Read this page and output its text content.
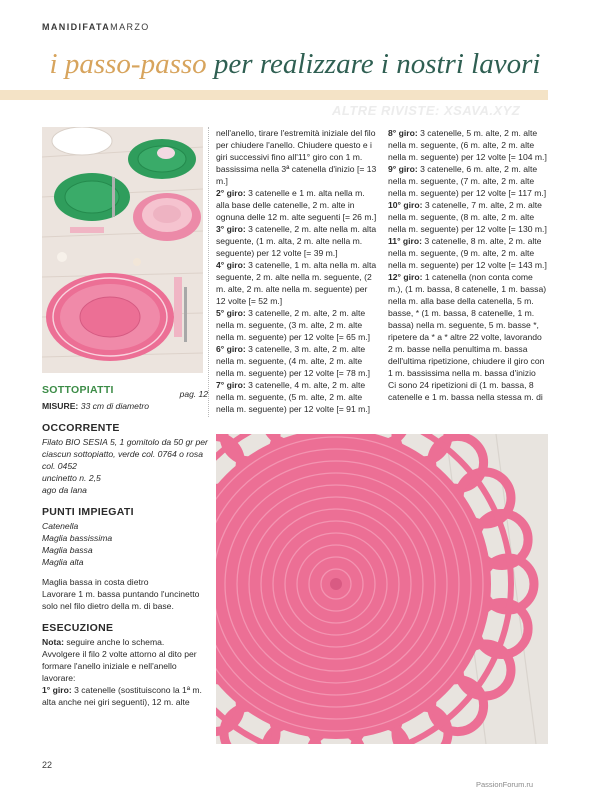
MANIDIFATAMARZO
i passo-passo per realizzare i nostri lavori
ALTRE RIVISTE: XSAVA.XYZ
SOTTOPIATTI	pag. 12
MISURE: 33 cm di diametro
OCCORRENTE
Filato BIO SESIA 5, 1 gomitolo da 50 gr per ciascun sottopiatto, verde col. 0764 o rosa col. 0452
uncinetto n. 2,5
ago da lana
PUNTI IMPIEGATI
Catenella
Maglia bassissima
Maglia bassa
Maglia alta
Maglia bassa in costa dietro
Lavorare 1 m. bassa puntando l'uncinetto solo nel filo dietro della m. di base.
ESECUZIONE
Nota: seguire anche lo schema.
Avvolgere il filo 2 volte attorno al dito per formare l'anello iniziale e nell'anello lavorare:
1° giro: 3 catenelle (sostituiscono la 1ª m. alta anche nei giri seguenti), 12 m. alte
nell'anello, tirare l'estremità iniziale del filo per chiudere l'anello. Chiudere questo e i giri successivi fino all'11° giro con 1 m. bassissima nella 3ª catenella d'inizio [= 13 m.]
2° giro: 3 catenelle e 1 m. alta nella m. alla base delle catenelle, 2 m. alte in ognuna delle 12 m. alte seguenti [= 26 m.]
3° giro: 3 catenelle, 2 m. alte nella m. alta seguente, (1 m. alta, 2 m. alte nella m. seguente) per 12 volte [= 39 m.]
4° giro: 3 catenelle, 1 m. alta nella m. alta seguente, 2 m. alte nella m. seguente, (2 m. alte, 2 m. alte nella m. seguente) per 12 volte [= 52 m.]
5° giro: 3 catenelle, 2 m. alte, 2 m. alte nella m. seguente, (3 m. alte, 2 m. alte nella m. seguente) per 12 volte [= 65 m.]
6° giro: 3 catenelle, 3 m. alte, 2 m. alte nella m. seguente, (4 m. alte, 2 m. alte nella m. seguente) per 12 volte [= 78 m.]
7° giro: 3 catenelle, 4 m. alte, 2 m. alte nella m. seguente, (5 m. alte, 2 m. alte nella m. seguente) per 12 volte [= 91 m.]
8° giro: 3 catenelle, 5 m. alte, 2 m. alte nella m. seguente, (6 m. alte, 2 m. alte nella m. seguente) per 12 volte [= 104 m.]
9° giro: 3 catenelle, 6 m. alte, 2 m. alte nella m. seguente, (7 m. alte, 2 m. alte nella m. seguente) per 12 volte [= 117 m.]
10° giro: 3 catenelle, 7 m. alte, 2 m. alte nella m. seguente, (8 m. alte, 2 m. alte nella m. seguente) per 12 volte [= 130 m.]
11° giro: 3 catenelle, 8 m. alte, 2 m. alte nella m. seguente, (9 m. alte, 2 m. alte nella m. seguente) per 12 volte [= 143 m.]
12° giro: 1 catenella (non conta come m.), (1 m. bassa, 8 catenelle, 1 m. bassa) nella m. alla base della catenella, 5 m. basse, * (1 m. bassa, 8 catenelle, 1 m. bassa) nella m. seguente, 5 m. basse *, ripetere da * a * altre 22 volte, lavorando 2 m. basse nella penultima m. bassa dell'ultima ripetizione, chiudere il giro con 1 m. bassissima nella m. bassa d'inizio
Ci sono 24 ripetizioni di (1 m. bassa, 8 catenelle e 1 m. bassa nella stessa m. di
22
PassionForum.ru
